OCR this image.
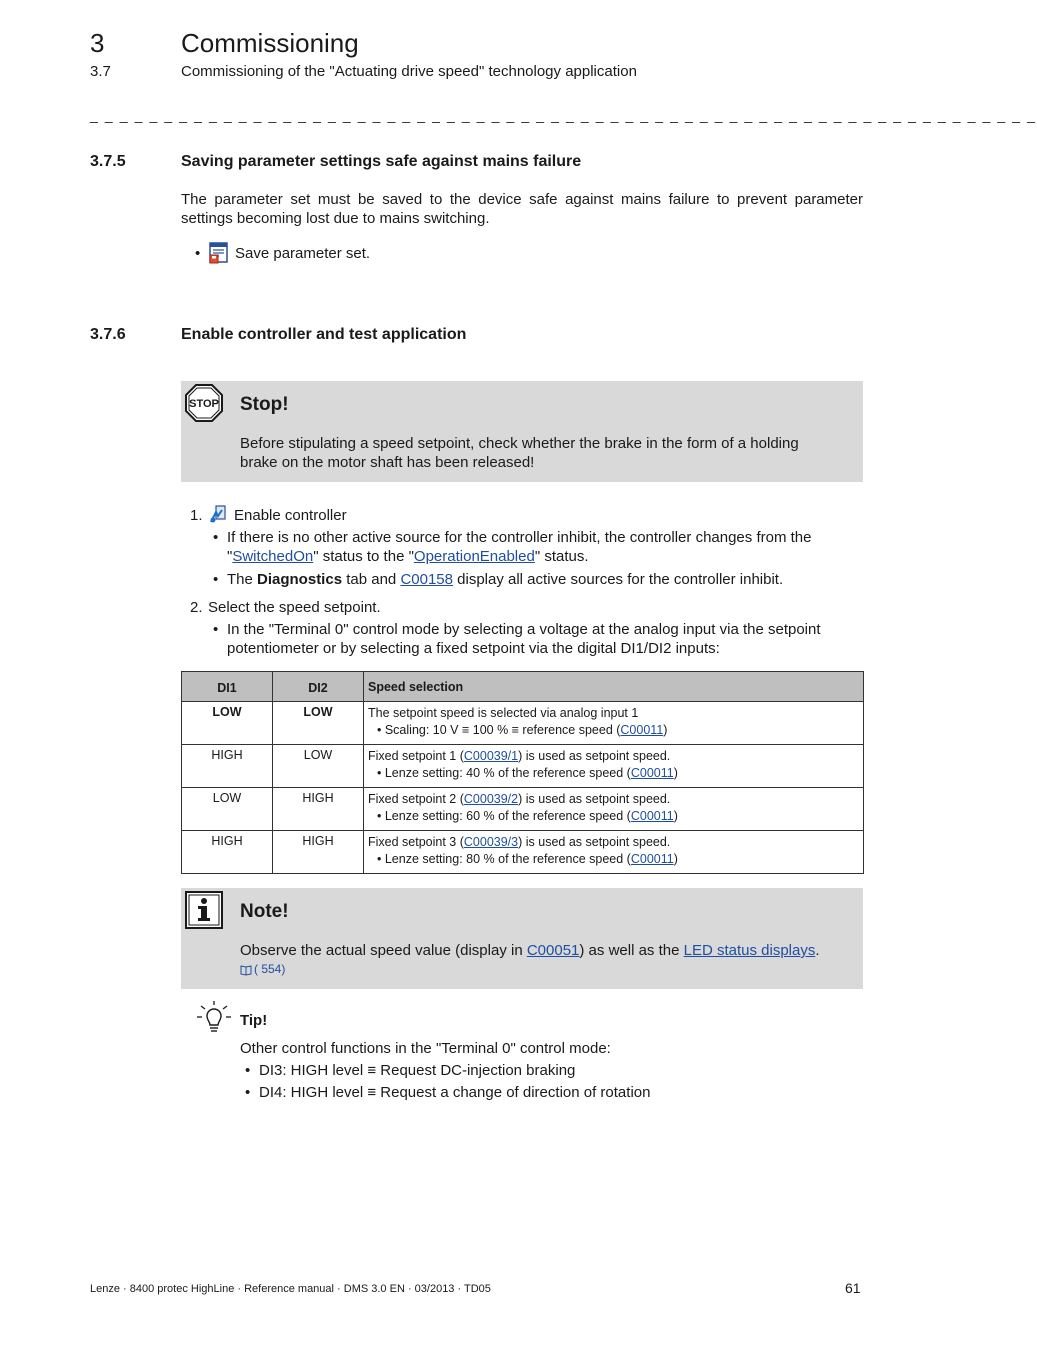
3	Commissioning
3.7	Commissioning of the "Actuating drive speed" technology application
_ _ _ _ _ _ _ _ _ _ _ _ _ _ _ _ _ _ _ _ _ _ _ _ _ _ _ _ _ _ _ _ _ _ _ _ _ _ _ _ _ _ _ _ _ _ _ _ _ _ _ _ _ _ _ _ _ _ _ _ _ _ _ _
3.7.5	Saving parameter settings safe against mains failure
The parameter set must be saved to the device safe against mains failure to prevent parameter settings becoming lost due to mains switching.
•	Save parameter set.
3.7.6	Enable controller and test application
STOP Stop!
Before stipulating a speed setpoint, check whether the brake in the form of a holding brake on the motor shaft has been released!
1. Enable controller
• If there is no other active source for the controller inhibit, the controller changes from the "SwitchedOn" status to the "OperationEnabled" status.
• The Diagnostics tab and C00158 display all active sources for the controller inhibit.
2. Select the speed setpoint.
• In the "Terminal 0" control mode by selecting a voltage at the analog input via the setpoint potentiometer or by selecting a fixed setpoint via the digital DI1/DI2 inputs:
DI1	DI2	Speed selection
LOW	LOW	The setpoint speed is selected via analog input 1
• Scaling: 10 V ≡ 100 % ≡ reference speed (C00011)

HIGH	LOW	Fixed setpoint 1 (C00039/1) is used as setpoint speed.
• Lenze setting: 40 % of the reference speed (C00011)

LOW	HIGH	Fixed setpoint 2 (C00039/2) is used as setpoint speed.
• Lenze setting: 60 % of the reference speed (C00011)

HIGH	HIGH	Fixed setpoint 3 (C00039/3) is used as setpoint speed.
• Lenze setting: 80 % of the reference speed (C00011)
Note!
Observe the actual speed value (display in C00051) as well as the LED status displays.
( 554)
Tip!
Other control functions in the "Terminal 0" control mode:
• DI3: HIGH level ≡ Request DC-injection braking
• DI4: HIGH level ≡ Request a change of direction of rotation
Lenze · 8400 protec HighLine · Reference manual · DMS 3.0 EN · 03/2013 · TD05	61
